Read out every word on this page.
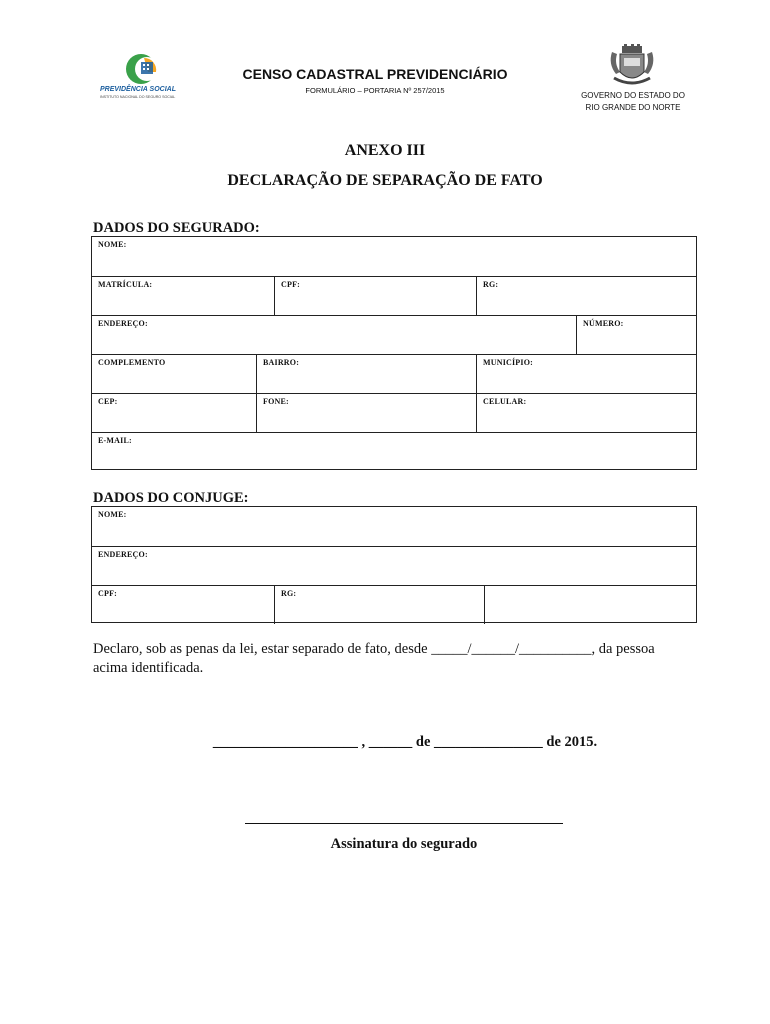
PREVIDÊNCIA SOCIAL
INSTITUTO NACIONAL DO SEGURO SOCIAL
CENSO CADASTRAL PREVIDENCIÁRIO
FORMULÁRIO – PORTARIA Nº 257/2015
GOVERNO DO ESTADO DO
RIO GRANDE DO NORTE
ANEXO III
DECLARAÇÃO DE SEPARAÇÃO DE FATO
DADOS DO SEGURADO:
NOME:
MATRÍCULA:	CPF:	RG:
ENDEREÇO:	NÚMERO:
COMPLEMENTO	BAIRRO:	MUNICÍPIO:
CEP:	FONE:	CELULAR:
E-MAIL:
DADOS DO CONJUGE:
NOME:
ENDEREÇO:
CPF:	RG:
Declaro, sob as penas da lei, estar separado de fato, desde _____/______/__________, da pessoa
acima identificada.
____________________ , ______ de _______________ de 2015.
Assinatura do segurado
